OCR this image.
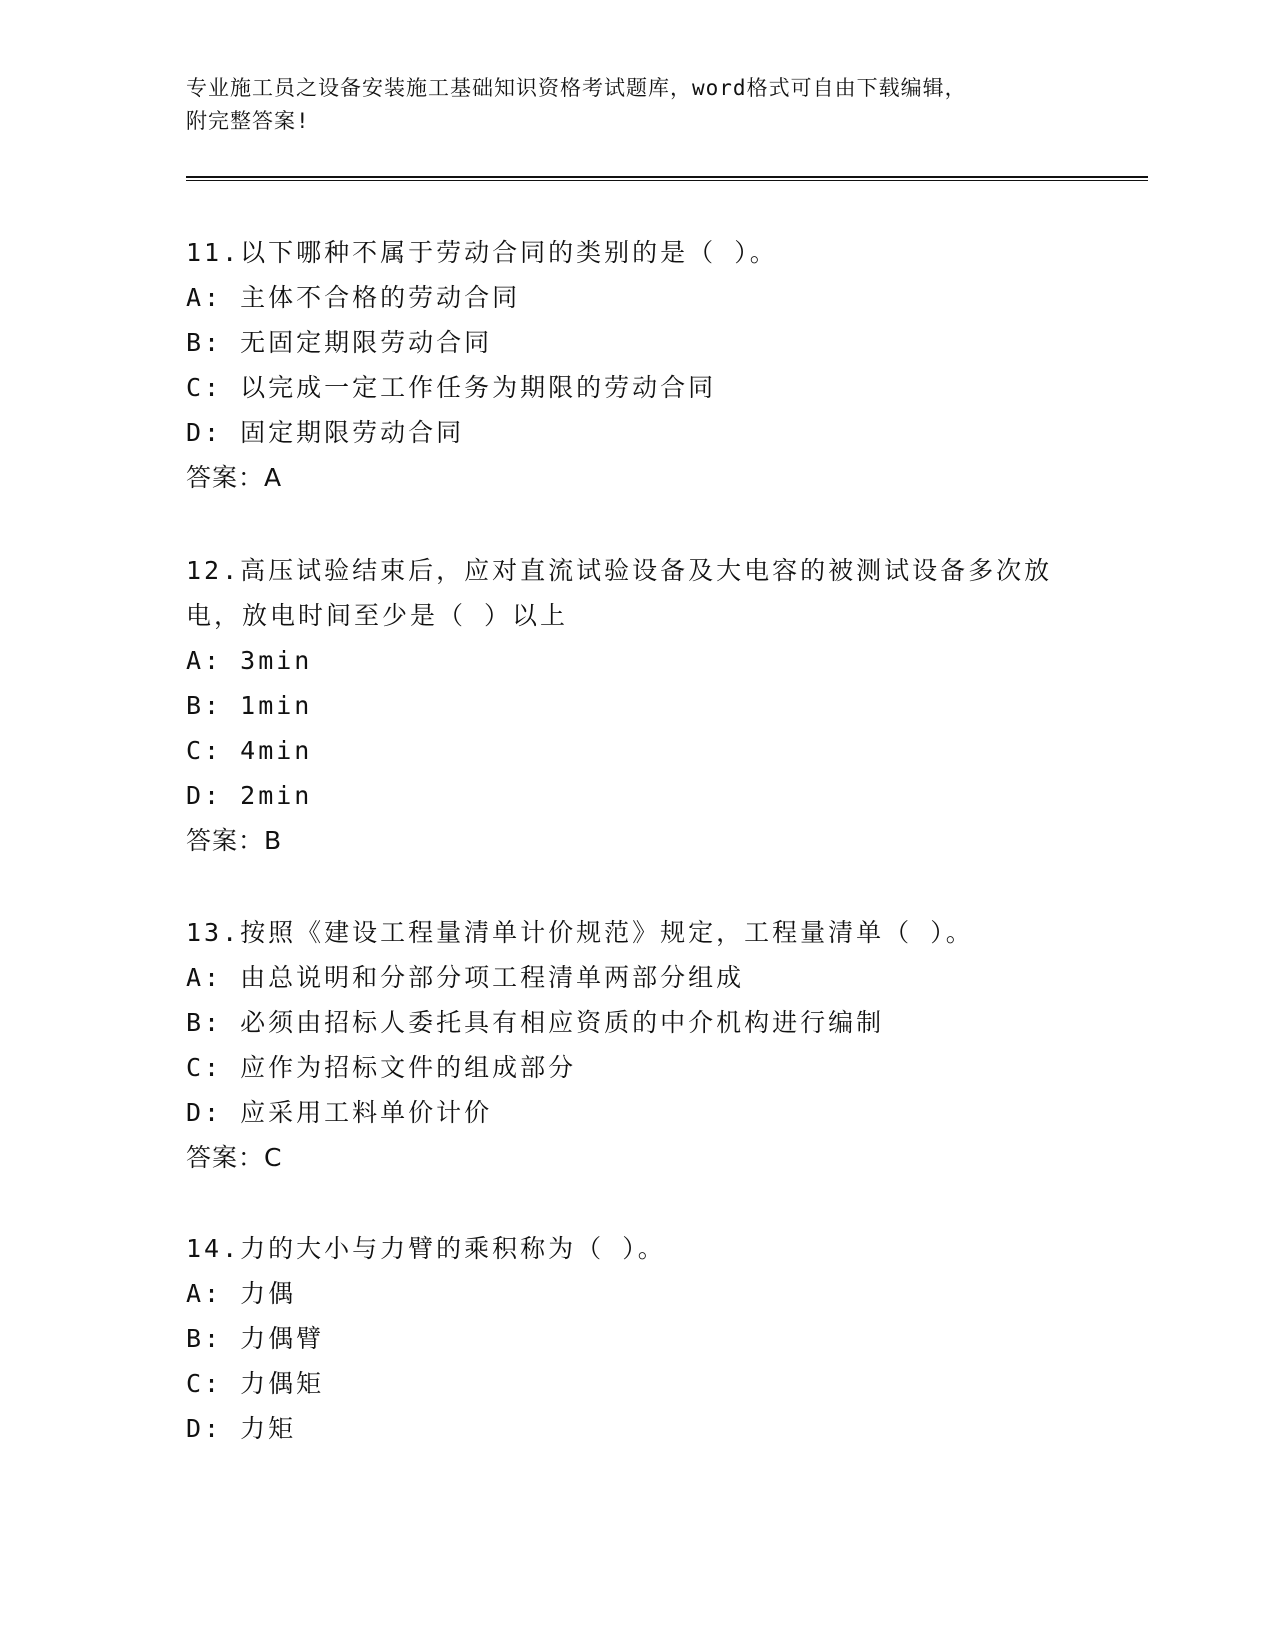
专业施工员之设备安装施工基础知识资格考试题库，word格式可自由下载编辑，
附完整答案!
11.以下哪种不属于劳动合同的类别的是（ ）。
A: 主体不合格的劳动合同
B: 无固定期限劳动合同
C: 以完成一定工作任务为期限的劳动合同
D: 固定期限劳动合同
答案：A
12.高压试验结束后，应对直流试验设备及大电容的被测试设备多次放电，放电时间至少是（ ）以上
A: 3min
B: 1min
C: 4min
D: 2min
答案：B
13.按照《建设工程量清单计价规范》规定，工程量清单（ ）。
A: 由总说明和分部分项工程清单两部分组成
B: 必须由招标人委托具有相应资质的中介机构进行编制
C: 应作为招标文件的组成部分
D: 应采用工料单价计价
答案：C
14.力的大小与力臂的乘积称为（ ）。
A: 力偶
B: 力偶臂
C: 力偶矩
D: 力矩
